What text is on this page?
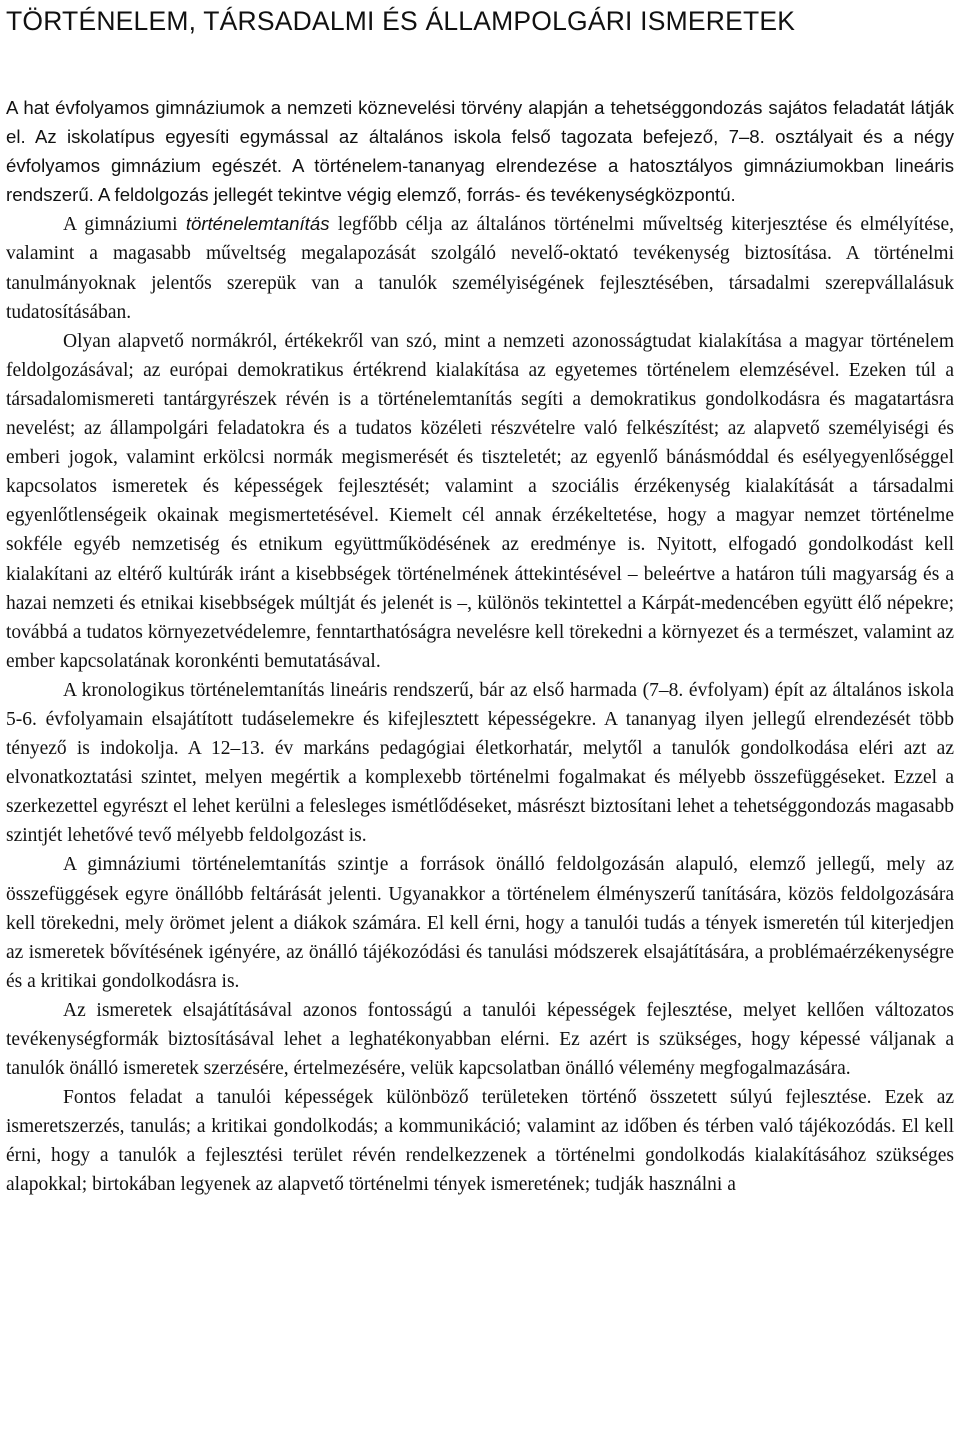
TÖRTÉNELEM, TÁRSADALMI ÉS ÁLLAMPOLGÁRI ISMERETEK

A hat évfolyamos gimnáziumok a nemzeti köznevelési törvény alapján a tehetséggondozás sajátos feladatát látják el. Az iskolatípus egyesíti egymással az általános iskola felső tagozata befejező, 7–8. osztályait és a négy évfolyamos gimnázium egészét. A történelem-tananyag elrendezése a hatosztályos gimnáziumokban lineáris rendszerű. A feldolgozás jellegét tekintve végig elemző, forrás- és tevékenységközpontú.

A gimnáziumi történelemtanítás legfőbb célja az általános történelmi műveltség kiterjesztése és elmélyítése, valamint a magasabb műveltség megalapozását szolgáló nevelő-oktató tevékenység biztosítása. A történelmi tanulmányoknak jelentős szerepük van a tanulók személyiségének fejlesztésében, társadalmi szerepvállalásuk tudatosításában.

Olyan alapvető normákról, értékekről van szó, mint a nemzeti azonosságtudat kialakítása a magyar történelem feldolgozásával; az európai demokratikus értékrend kialakítása az egyetemes történelem elemzésével. Ezeken túl a társadalomismereti tantárgyrészek révén is a történelemtanítás segíti a demokratikus gondolkodásra és magatartásra nevelést; az állampolgári feladatokra és a tudatos közéleti részvételre való felkészítést; az alapvető személyiségi és emberi jogok, valamint erkölcsi normák megismerését és tiszteletét; az egyenlő bánásmóddal és esélyegyenlőséggel kapcsolatos ismeretek és képességek fejlesztését; valamint a szociális érzékenység kialakítását a társadalmi egyenlőtlenségeik okainak megismertetésével. Kiemelt cél annak érzékeltetése, hogy a magyar nemzet történelme sokféle egyéb nemzetiség és etnikum együttműködésének az eredménye is. Nyitott, elfogadó gondolkodást kell kialakítani az eltérő kultúrák iránt a kisebbségek történelmének áttekintésével – beleértve a határon túli magyarság és a hazai nemzeti és etnikai kisebbségek múltját és jelenét is –, különös tekintettel a Kárpát-medencében együtt élő népekre; továbbá a tudatos környezetvédelemre, fenntarthatóságra nevelésre kell törekedni a környezet és a természet, valamint az ember kapcsolatának koronkénti bemutatásával.

A kronologikus történelemtanítás lineáris rendszerű, bár az első harmada (7–8. évfolyam) épít az általános iskola 5-6. évfolyamain elsajátított tudáselemekre és kifejlesztett képességekre. A tananyag ilyen jellegű elrendezését több tényező is indokolja. A 12–13. év markáns pedagógiai életkorhatár, melytől a tanulók gondolkodása eléri azt az elvonatkoztatási szintet, melyen megértik a komplexebb történelmi fogalmakat és mélyebb összefüggéseket. Ezzel a szerkezettel egyrészt el lehet kerülni a felesleges ismétlődéseket, másrészt biztosítani lehet a tehetséggondozás magasabb szintjét lehetővé tevő mélyebb feldolgozást is.

A gimnáziumi történelemtanítás szintje a források önálló feldolgozásán alapuló, elemző jellegű, mely az összefüggések egyre önállóbb feltárását jelenti. Ugyanakkor a történelem élményszerű tanítására, közös feldolgozására kell törekedni, mely örömet jelent a diákok számára. El kell érni, hogy a tanulói tudás a tények ismeretén túl kiterjedjen az ismeretek bővítésének igényére, az önálló tájékozódási és tanulási módszerek elsajátítására, a problémaérzékenységre és a kritikai gondolkodásra is.

Az ismeretek elsajátításával azonos fontosságú a tanulói képességek fejlesztése, melyet kellően változatos tevékenységformák biztosításával lehet a leghatékonyabban elérni. Ez azért is szükséges, hogy képessé váljanak a tanulók önálló ismeretek szerzésére, értelmezésére, velük kapcsolatban önálló vélemény megfogalmazására.

Fontos feladat a tanulói képességek különböző területeken történő összetett súlyú fejlesztése. Ezek az ismeretszerzés, tanulás; a kritikai gondolkodás; a kommunikáció; valamint az időben és térben való tájékozódás. El kell érni, hogy a tanulók a fejlesztési terület révén rendelkezzenek a történelmi gondolkodás kialakításához szükséges alapokkal; birtokában legyenek az alapvető történelmi tények ismeretének; tudják használni a
